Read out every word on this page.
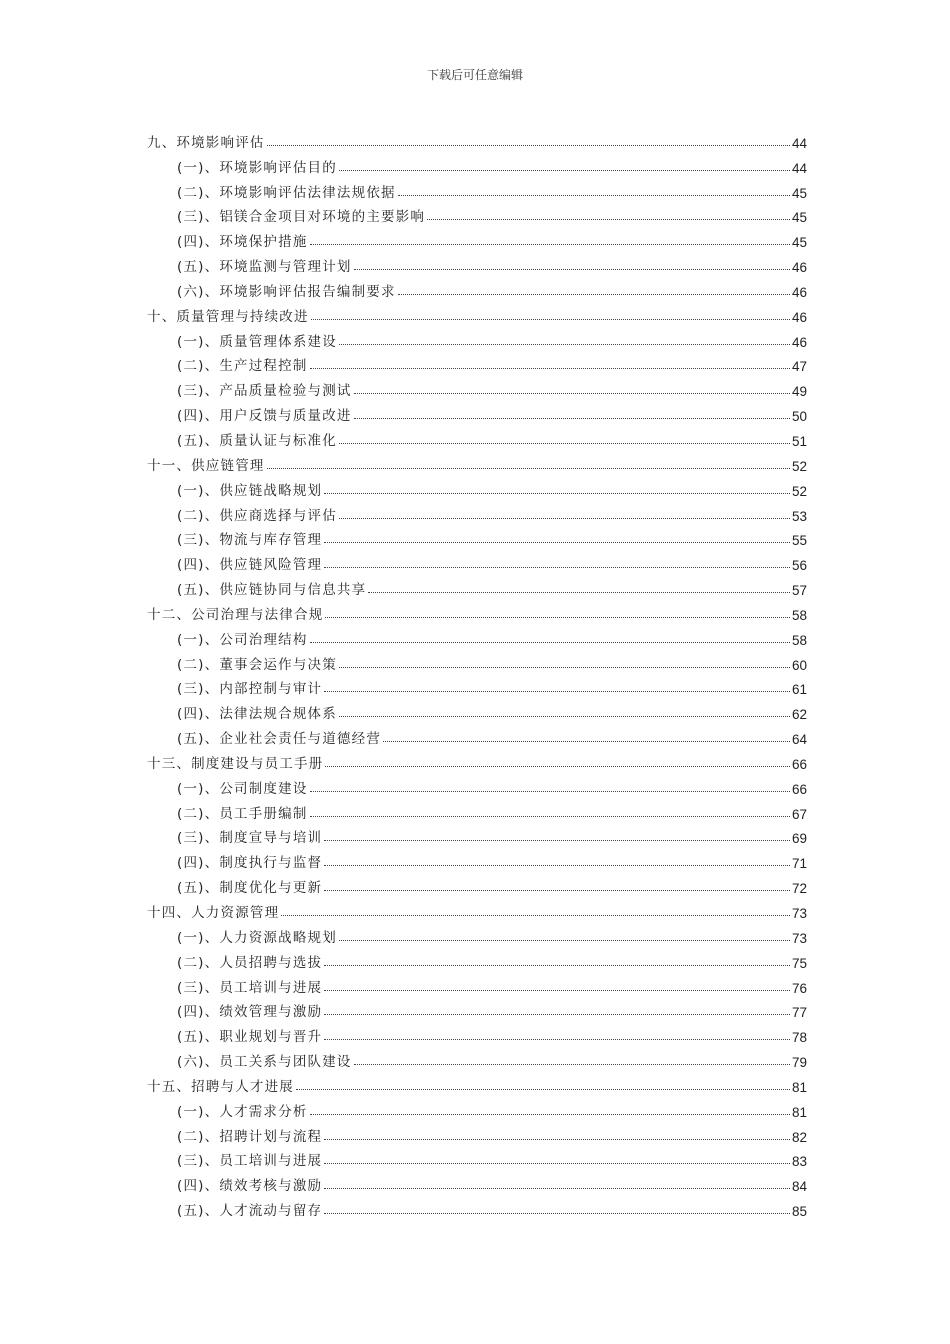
下载后可任意编辑
九、环境影响评估	44
(一)、环境影响评估目的	44
(二)、环境影响评估法律法规依据	45
(三)、铝镁合金项目对环境的主要影响	45
(四)、环境保护措施	45
(五)、环境监测与管理计划	46
(六)、环境影响评估报告编制要求	46
十、质量管理与持续改进	46
(一)、质量管理体系建设	46
(二)、生产过程控制	47
(三)、产品质量检验与测试	49
(四)、用户反馈与质量改进	50
(五)、质量认证与标准化	51
十一、供应链管理	52
(一)、供应链战略规划	52
(二)、供应商选择与评估	53
(三)、物流与库存管理	55
(四)、供应链风险管理	56
(五)、供应链协同与信息共享	57
十二、公司治理与法律合规	58
(一)、公司治理结构	58
(二)、董事会运作与决策	60
(三)、内部控制与审计	61
(四)、法律法规合规体系	62
(五)、企业社会责任与道德经营	64
十三、制度建设与员工手册	66
(一)、公司制度建设	66
(二)、员工手册编制	67
(三)、制度宣导与培训	69
(四)、制度执行与监督	71
(五)、制度优化与更新	72
十四、人力资源管理	73
(一)、人力资源战略规划	73
(二)、人员招聘与选拔	75
(三)、员工培训与进展	76
(四)、绩效管理与激励	77
(五)、职业规划与晋升	78
(六)、员工关系与团队建设	79
十五、招聘与人才进展	81
(一)、人才需求分析	81
(二)、招聘计划与流程	82
(三)、员工培训与进展	83
(四)、绩效考核与激励	84
(五)、人才流动与留存	85
